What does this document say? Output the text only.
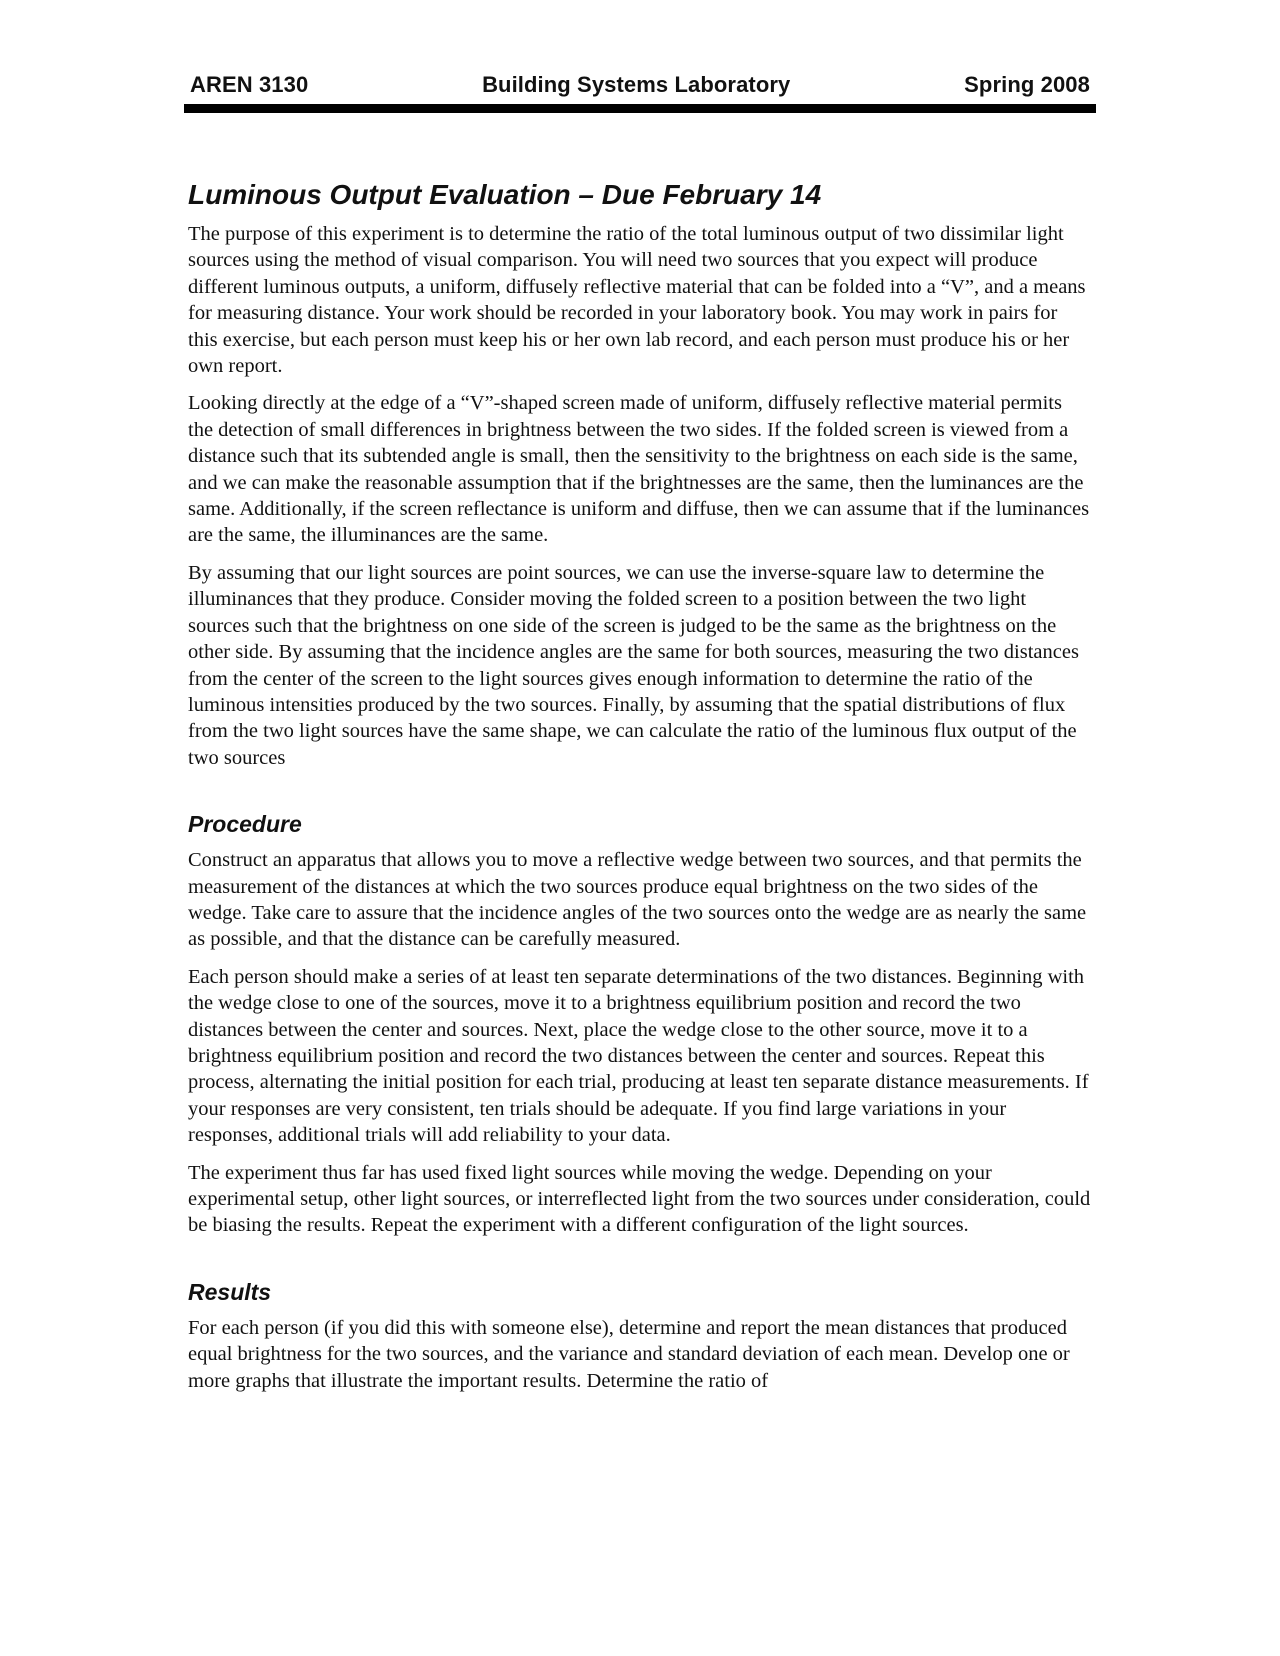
AREN 3130	Building Systems Laboratory	Spring 2008
Luminous Output Evaluation – Due February 14

The purpose of this experiment is to determine the ratio of the total luminous output of two dissimilar light sources using the method of visual comparison. You will need two sources that you expect will produce different luminous outputs, a uniform, diffusely reflective material that can be folded into a “V”, and a means for measuring distance. Your work should be recorded in your laboratory book. You may work in pairs for this exercise, but each person must keep his or her own lab record, and each person must produce his or her own report.

Looking directly at the edge of a “V”-shaped screen made of uniform, diffusely reflective material permits the detection of small differences in brightness between the two sides. If the folded screen is viewed from a distance such that its subtended angle is small, then the sensitivity to the brightness on each side is the same, and we can make the reasonable assumption that if the brightnesses are the same, then the luminances are the same. Additionally, if the screen reflectance is uniform and diffuse, then we can assume that if the luminances are the same, the illuminances are the same.

By assuming that our light sources are point sources, we can use the inverse-square law to determine the illuminances that they produce. Consider moving the folded screen to a position between the two light sources such that the brightness on one side of the screen is judged to be the same as the brightness on the other side. By assuming that the incidence angles are the same for both sources, measuring the two distances from the center of the screen to the light sources gives enough information to determine the ratio of the luminous intensities produced by the two sources. Finally, by assuming that the spatial distributions of flux from the two light sources have the same shape, we can calculate the ratio of the luminous flux output of the two sources

Procedure

Construct an apparatus that allows you to move a reflective wedge between two sources, and that permits the measurement of the distances at which the two sources produce equal brightness on the two sides of the wedge. Take care to assure that the incidence angles of the two sources onto the wedge are as nearly the same as possible, and that the distance can be carefully measured.

Each person should make a series of at least ten separate determinations of the two distances. Beginning with the wedge close to one of the sources, move it to a brightness equilibrium position and record the two distances between the center and sources. Next, place the wedge close to the other source, move it to a brightness equilibrium position and record the two distances between the center and sources. Repeat this process, alternating the initial position for each trial, producing at least ten separate distance measurements. If your responses are very consistent, ten trials should be adequate. If you find large variations in your responses, additional trials will add reliability to your data.

The experiment thus far has used fixed light sources while moving the wedge. Depending on your experimental setup, other light sources, or interreflected light from the two sources under consideration, could be biasing the results. Repeat the experiment with a different configuration of the light sources.

Results

For each person (if you did this with someone else), determine and report the mean distances that produced equal brightness for the two sources, and the variance and standard deviation of each mean. Develop one or more graphs that illustrate the important results. Determine the ratio of
